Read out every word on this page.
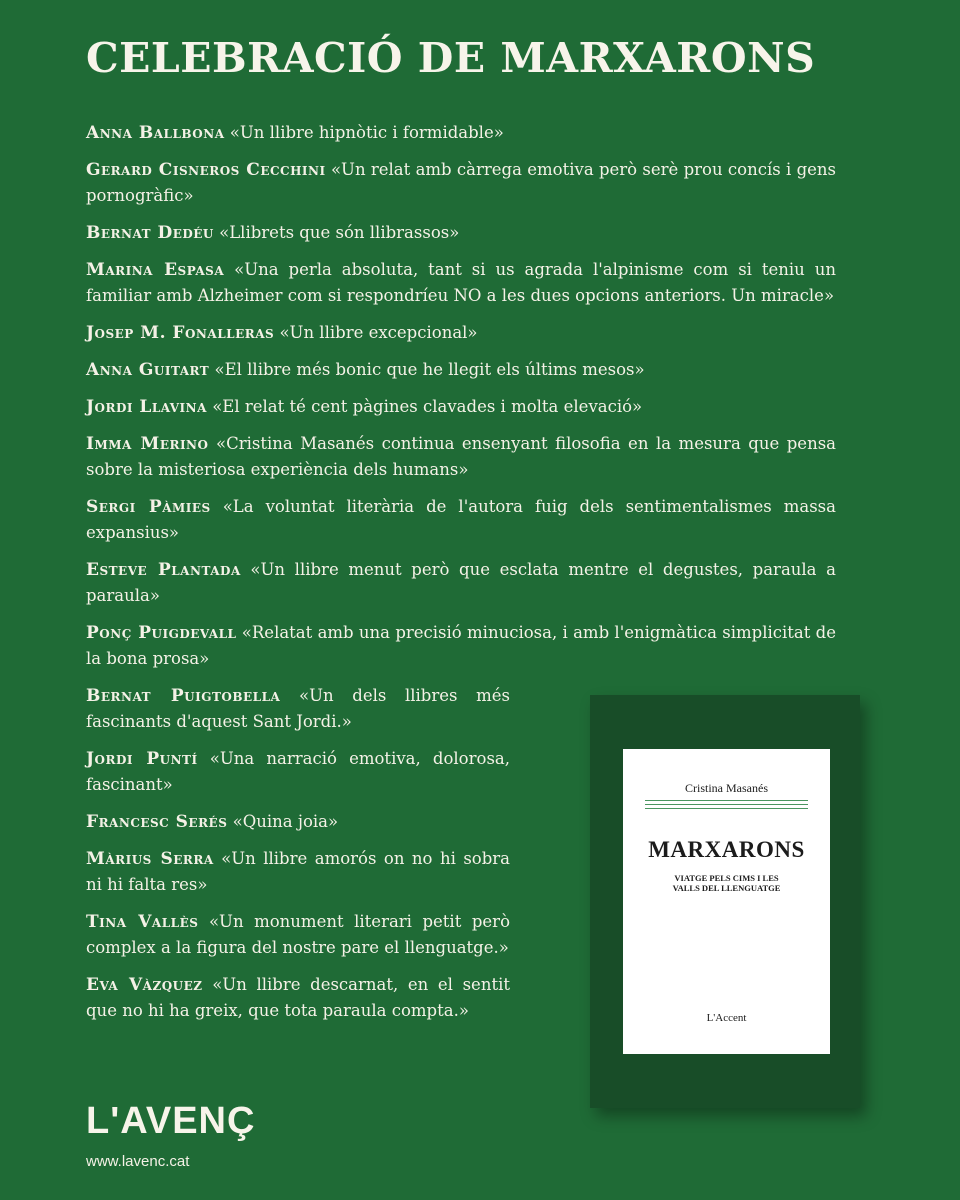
CELEBRACIÓ DE MARXARONS

Anna Ballbona «Un llibre hipnòtic i formidable»

Gerard Cisneros Cecchini «Un relat amb càrrega emotiva però serè prou concís i gens pornogràfic»

Bernat Dedéu «Llibrets que són llibrassos»

Marina Espasa «Una perla absoluta, tant si us agrada l'alpinisme com si teniu un familiar amb Alzheimer com si respondríeu NO a les dues opcions anteriors. Un miracle»

Josep M. Fonalleras «Un llibre excepcional»

Anna Guitart «El llibre més bonic que he llegit els últims mesos»

Jordi Llavina «El relat té cent pàgines clavades i molta elevació»

Imma Merino «Cristina Masanés continua ensenyant filosofia en la mesura que pensa sobre la misteriosa experiència dels humans»

Sergi Pàmies «La voluntat literària de l'autora fuig dels sentimentalismes massa expansius»

Esteve Plantada «Un llibre menut però que esclata mentre el degustes, paraula a paraula»

Ponç Puigdevall «Relatat amb una precisió minuciosa, i amb l'enigmàtica simplicitat de la bona prosa»

Bernat Puigtobella «Un dels llibres més fascinants d'aquest Sant Jordi.»

Jordi Puntí «Una narració emotiva, dolorosa, fascinant»

Francesc Serés «Quina joia»

Màrius Serra «Un llibre amorós on no hi sobra ni hi falta res»

Tina Vallès «Un monument literari petit però complex a la figura del nostre pare el llenguatge.»

Eva Vàzquez «Un llibre descarnat, en el sentit que no hi ha greix, que tota paraula compta.»

Cristina Masanés
MARXARONS
VIATGE PELS CIMS I LES VALLS DEL LLENGUATGE
L'Accent
L'AVENÇ
www.lavenc.cat
